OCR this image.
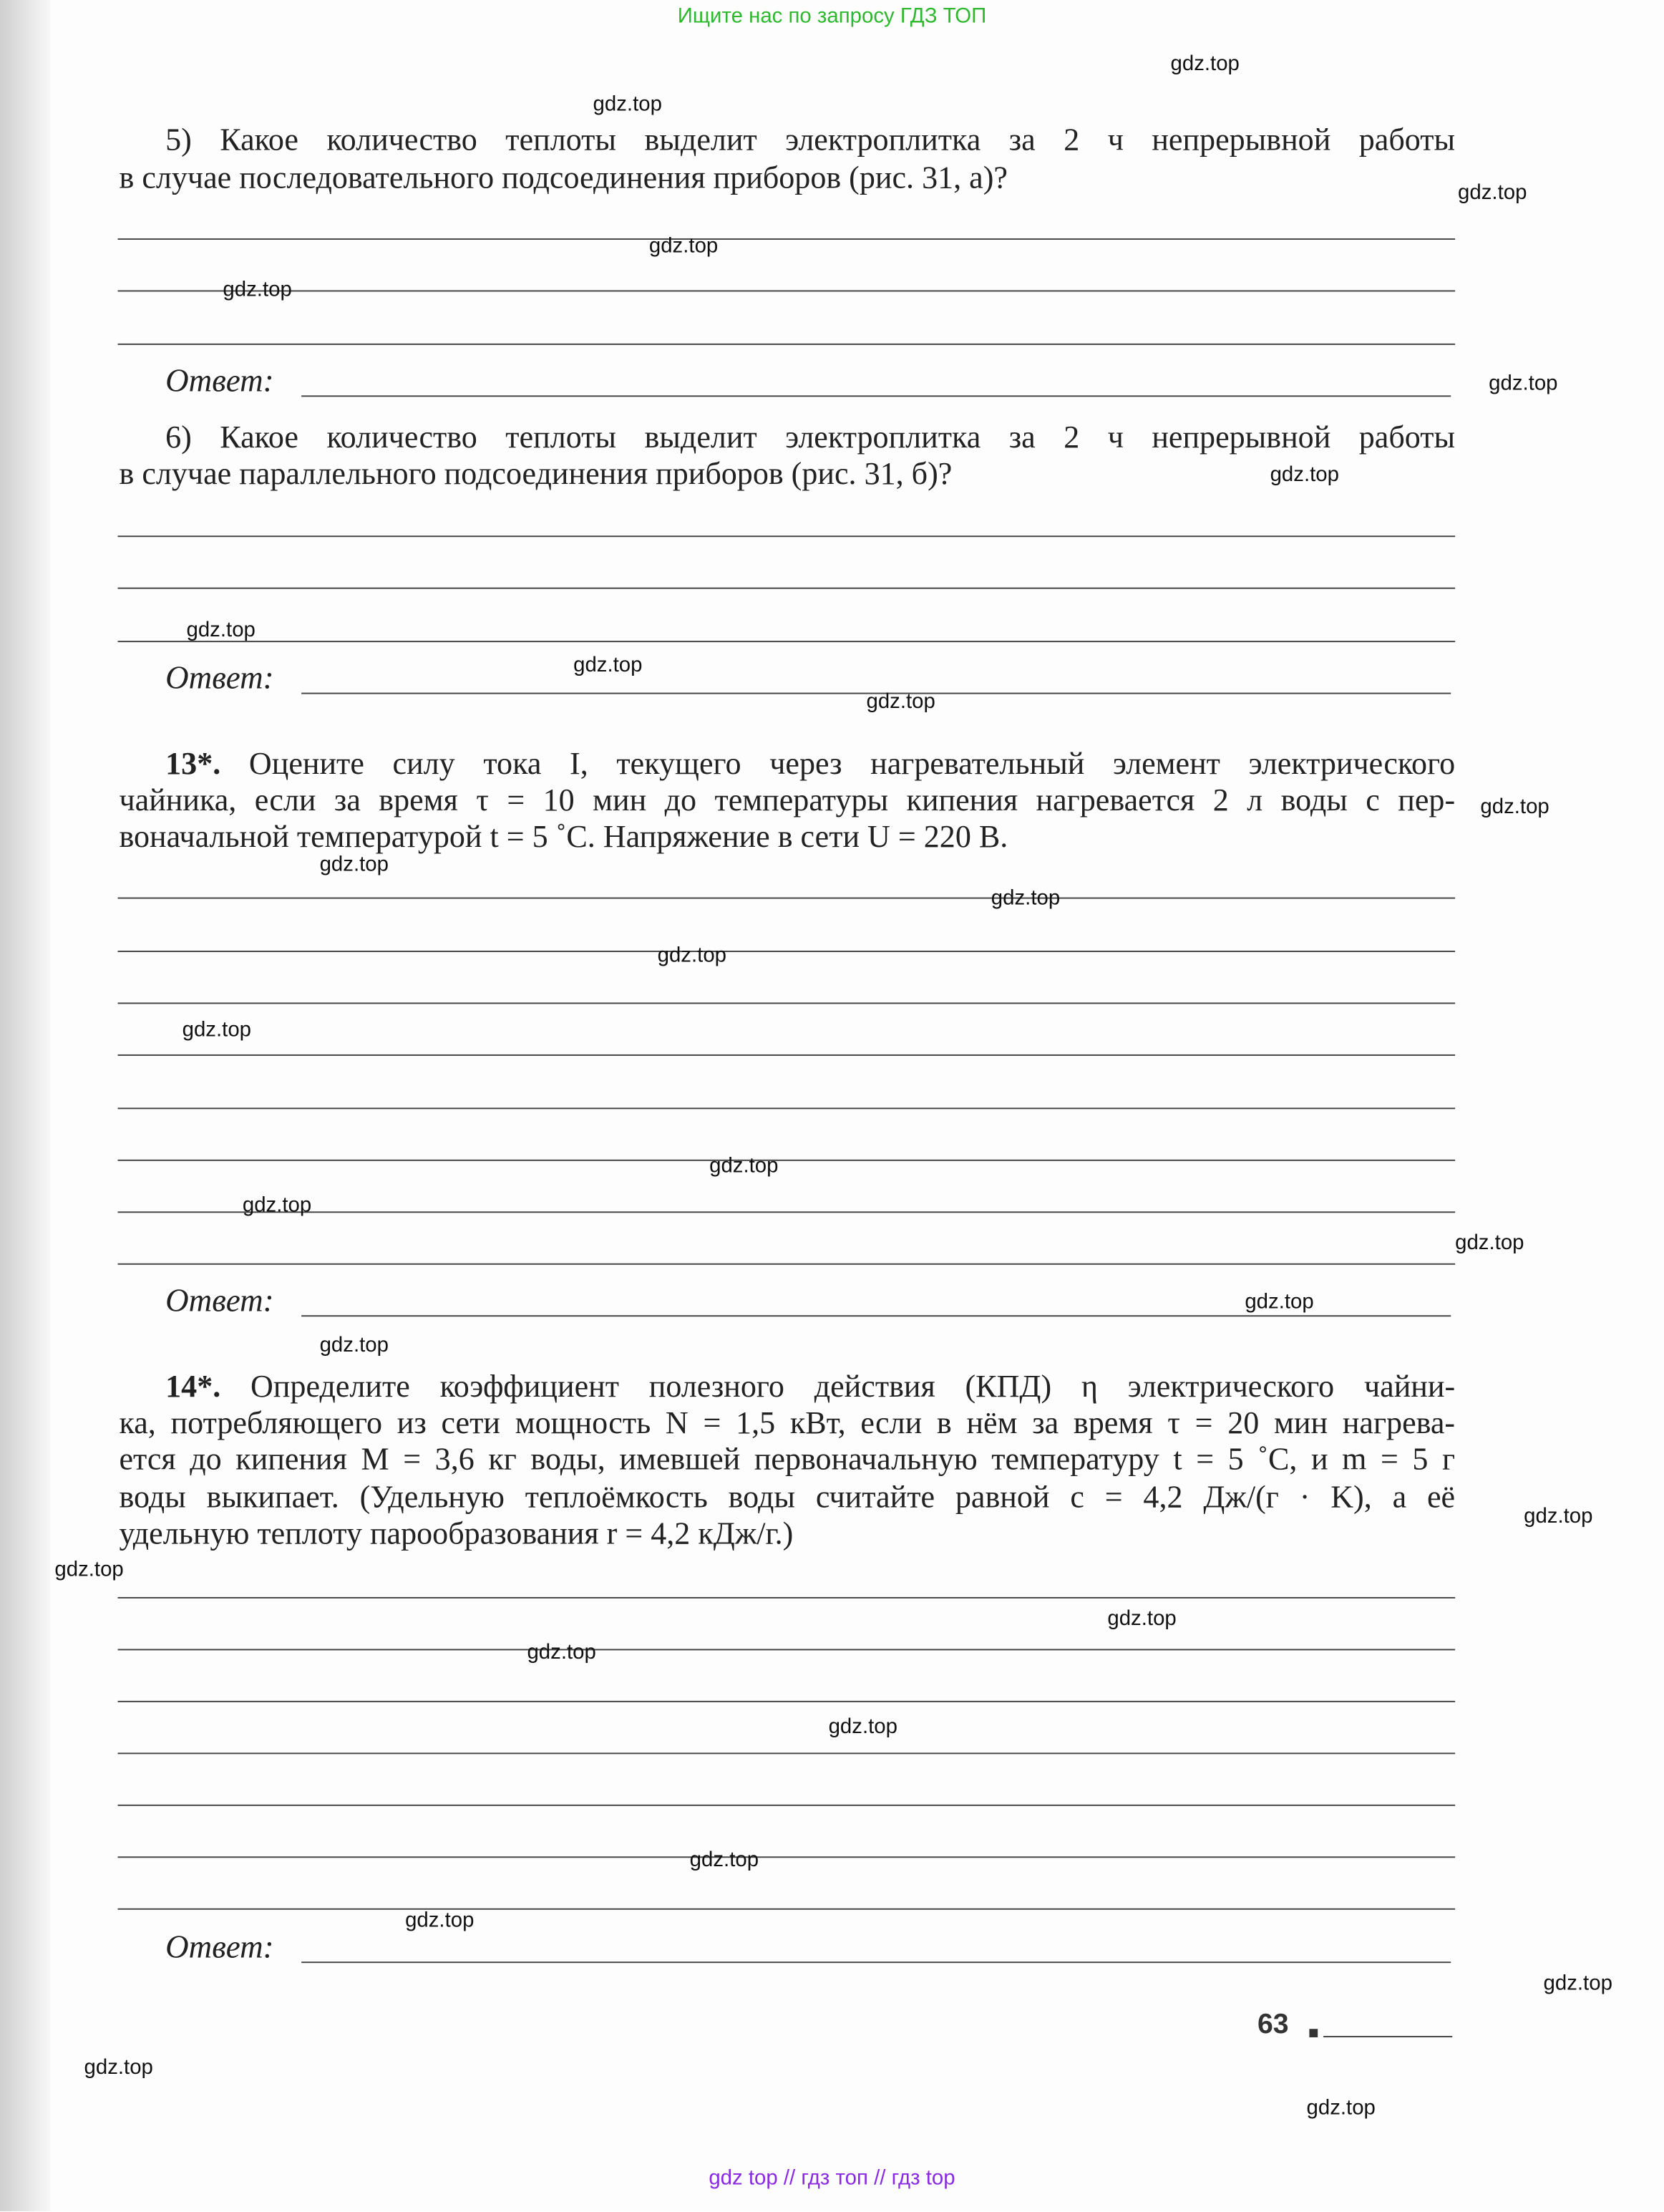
Ищите нас по запросу ГДЗ ТОП
5) Какое количество теплоты выделит электроплитка за 2 ч непрерывной работы
в случае последовательного подсоединения приборов (рис. 31, а)?
Ответ:
6) Какое количество теплоты выделит электроплитка за 2 ч непрерывной работы
в случае параллельного подсоединения приборов (рис. 31, б)?
Ответ:
13*. Оцените силу тока I, текущего через нагревательный элемент электрического
чайника, если за время τ = 10 мин до температуры кипения нагревается 2 л воды с пер-
воначальной температурой t = 5 ˚C. Напряжение в сети U = 220 В.
Ответ:
14*. Определите коэффициент полезного действия (КПД) η электрического чайни-
ка, потребляющего из сети мощность N = 1,5 кВт, если в нём за время τ = 20 мин нагрева-
ется до кипения M = 3,6 кг воды, имевшей первоначальную температуру t = 5 ˚C, и m = 5 г
воды выкипает. (Удельную теплоёмкость воды считайте равной c = 4,2 Дж/(г · K), а её
удельную теплоту парообразования r = 4,2 кДж/г.)
Ответ:
63
gdz.top
gdz.top
gdz.top
gdz.top
gdz.top
gdz.top
gdz.top
gdz.top
gdz.top
gdz.top
gdz.top
gdz.top
gdz.top
gdz.top
gdz.top
gdz.top
gdz.top
gdz.top
gdz.top
gdz.top
gdz.top
gdz.top
gdz.top
gdz.top
gdz.top
gdz.top
gdz.top
gdz.top
gdz.top
gdz.top
gdz top // гдз топ // гдз top
